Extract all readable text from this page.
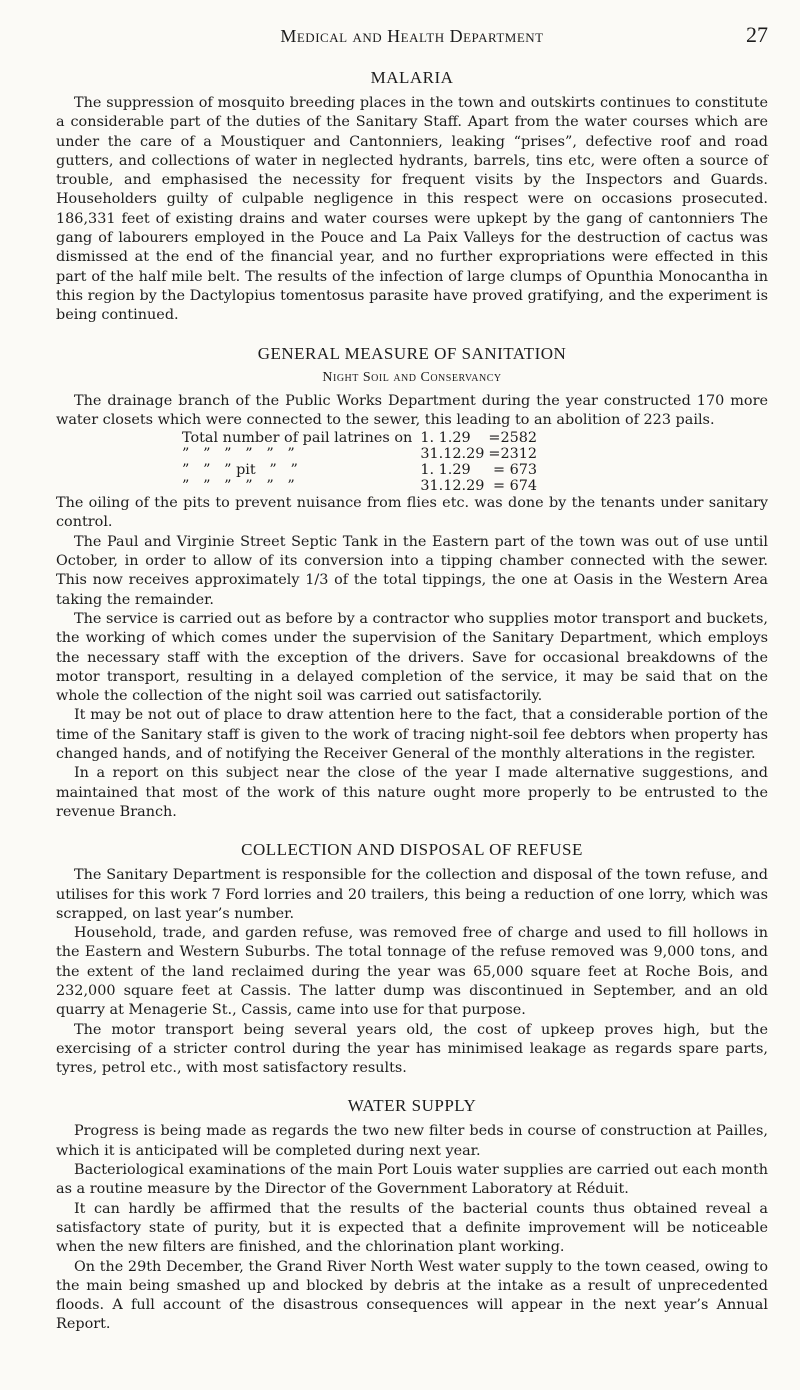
Medical and Health Department	27
MALARIA

The suppression of mosquito breeding places in the town and outskirts continues to constitute a considerable part of the duties of the Sanitary Staff. Apart from the water courses which are under the care of a Moustiquer and Cantonniers, leaking “prises”, defective roof and road gutters, and collections of water in neglected hydrants, barrels, tins etc, were often a source of trouble, and emphasised the necessity for frequent visits by the Inspectors and Guards. Householders guilty of culpable negligence in this respect were on occasions prosecuted. 186,331 feet of existing drains and water courses were upkept by the gang of cantonniers The gang of labourers employed in the Pouce and La Paix Valleys for the destruction of cactus was dismissed at the end of the financial year, and no further expropriations were effected in this part of the half mile belt. The results of the infection of large clumps of Opunthia Monocantha in this region by the Dactylopius tomentosus parasite have proved gratifying, and the experiment is being continued.

GENERAL MEASURE OF SANITATION
Night Soil and Conservancy

The drainage branch of the Public Works Department during the year constructed 170 more water closets which were connected to the sewer, this leading to an abolition of 223 pails.

Total number of pail latrines on	1. 1.29	=2582
”   ”   ”   ”   ”   ”	31.12.29	=2312
”   ”   ” pit   ”   ”	1. 1.29	= 673
”   ”   ”   ”   ”   ”	31.12.29	= 674

The oiling of the pits to prevent nuisance from flies etc. was done by the tenants under sanitary control.

The Paul and Virginie Street Septic Tank in the Eastern part of the town was out of use until October, in order to allow of its conversion into a tipping chamber connected with the sewer. This now receives approximately 1/3 of the total tippings, the one at Oasis in the Western Area taking the remainder.

The service is carried out as before by a contractor who supplies motor transport and buckets, the working of which comes under the supervision of the Sanitary Department, which employs the necessary staff with the exception of the drivers. Save for occasional breakdowns of the motor transport, resulting in a delayed completion of the service, it may be said that on the whole the collection of the night soil was carried out satisfactorily.

It may be not out of place to draw attention here to the fact, that a considerable portion of the time of the Sanitary staff is given to the work of tracing night-soil fee debtors when property has changed hands, and of notifying the Receiver General of the monthly alterations in the register.

In a report on this subject near the close of the year I made alternative suggestions, and maintained that most of the work of this nature ought more properly to be entrusted to the revenue Branch.

COLLECTION AND DISPOSAL OF REFUSE

The Sanitary Department is responsible for the collection and disposal of the town refuse, and utilises for this work 7 Ford lorries and 20 trailers, this being a reduction of one lorry, which was scrapped, on last year’s number.

Household, trade, and garden refuse, was removed free of charge and used to fill hollows in the Eastern and Western Suburbs. The total tonnage of the refuse removed was 9,000 tons, and the extent of the land reclaimed during the year was 65,000 square feet at Roche Bois, and 232,000 square feet at Cassis. The latter dump was discontinued in September, and an old quarry at Menagerie St., Cassis, came into use for that purpose.

The motor transport being several years old, the cost of upkeep proves high, but the exercising of a stricter control during the year has minimised leakage as regards spare parts, tyres, petrol etc., with most satisfactory results.

WATER SUPPLY

Progress is being made as regards the two new filter beds in course of construction at Pailles, which it is anticipated will be completed during next year.

Bacteriological examinations of the main Port Louis water supplies are carried out each month as a routine measure by the Director of the Government Laboratory at Réduit.

It can hardly be affirmed that the results of the bacterial counts thus obtained reveal a satisfactory state of purity, but it is expected that a definite improvement will be noticeable when the new filters are finished, and the chlorination plant working.

On the 29th December, the Grand River North West water supply to the town ceased, owing to the main being smashed up and blocked by debris at the intake as a result of unprecedented floods. A full account of the disastrous consequences will appear in the next year’s Annual Report.
